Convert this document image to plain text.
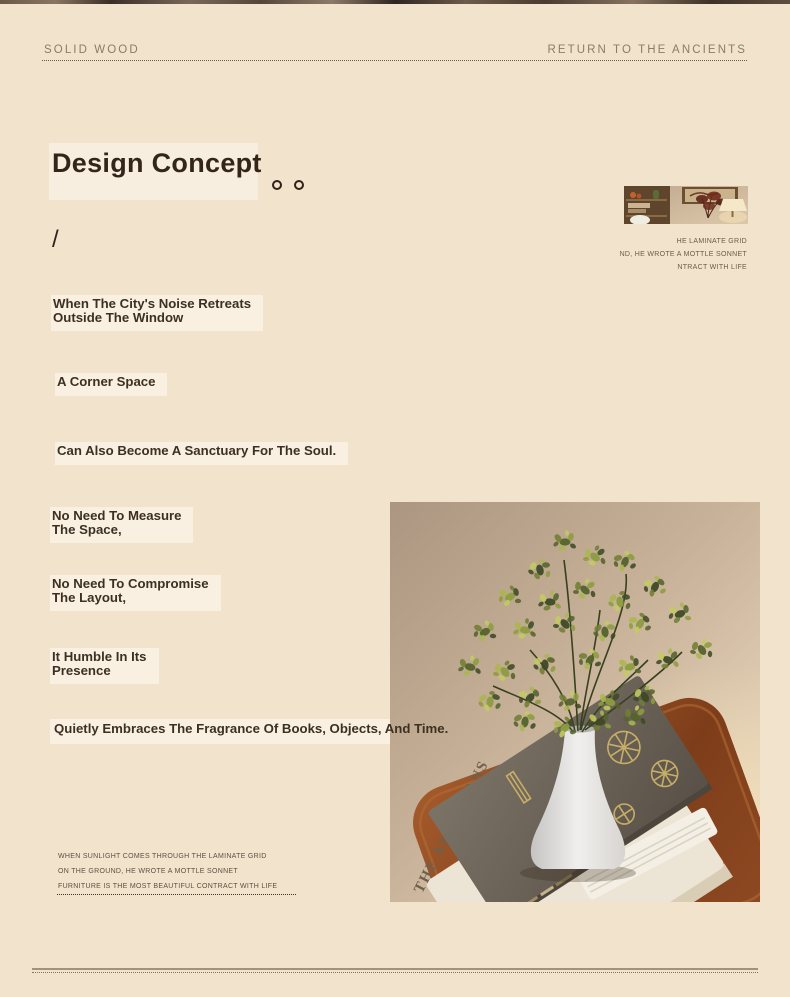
SOLID WOOD	RETURN TO THE ANCIENTS
Design Concept
/	HE LAMINATE GRID
ND, HE WROTE A MOTTLE SONNET
NTRACT WITH LIFE
When The City's Noise Retreats
Outside The Window
A Corner Space
Can Also Become A Sanctuary For The Soul.
No Need To Measure
The Space,
No Need To Compromise
The Layout,
It Humble In Its
Presence
Quietly Embraces The Fragrance Of Books, Objects, And Time.
WHEN SUNLIGHT COMES THROUGH THE LAMINATE GRID
ON THE GROUND, HE WROTE A MOTTLE SONNET
FURNITURE IS THE MOST BEAUTIFUL CONTRACT WITH LIFE	THE
